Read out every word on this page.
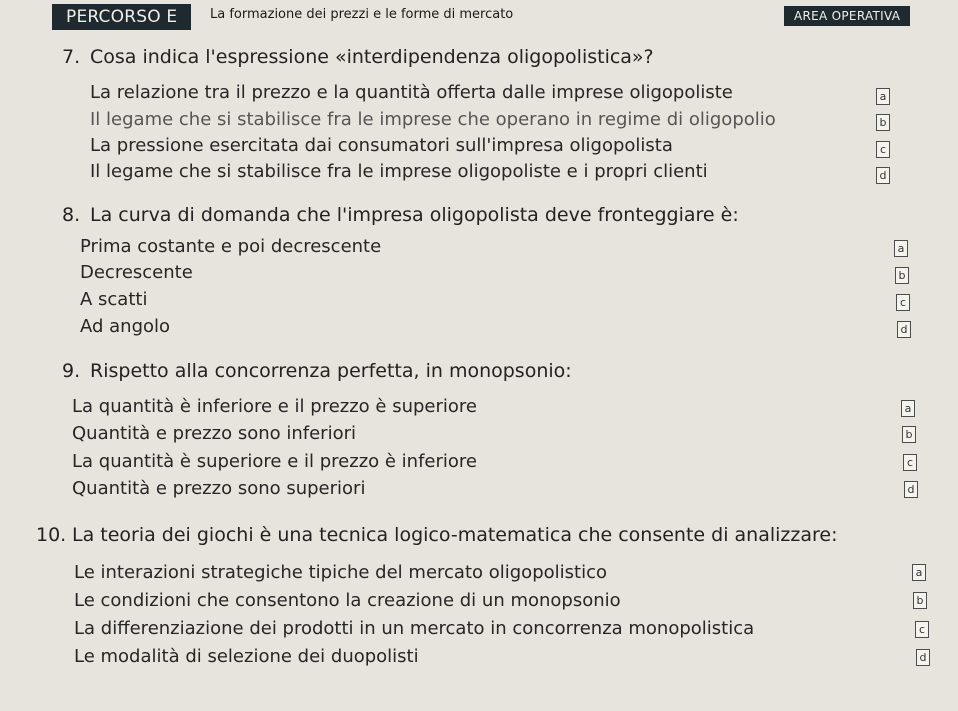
PERCORSO E	La formazione dei prezzi e le forme di mercato	AREA OPERATIVA
7. Cosa indica l'espressione «interdipendenza oligopolistica»?
La relazione tra il prezzo e la quantità offerta dalle imprese oligopoliste	a
Il legame che si stabilisce fra le imprese che operano in regime di oligopolio	b
La pressione esercitata dai consumatori sull'impresa oligopolista	c
Il legame che si stabilisce fra le imprese oligopoliste e i propri clienti	d
8. La curva di domanda che l'impresa oligopolista deve fronteggiare è:
Prima costante e poi decrescente	a
Decrescente	b
A scatti	c
Ad angolo	d
9. Rispetto alla concorrenza perfetta, in monopsonio:
La quantità è inferiore e il prezzo è superiore	a
Quantità e prezzo sono inferiori	b
La quantità è superiore e il prezzo è inferiore	c
Quantità e prezzo sono superiori	d
10. La teoria dei giochi è una tecnica logico-matematica che consente di analizzare:
Le interazioni strategiche tipiche del mercato oligopolistico	a
Le condizioni che consentono la creazione di un monopsonio	b
La differenziazione dei prodotti in un mercato in concorrenza monopolistica	c
Le modalità di selezione dei duopolisti	d
